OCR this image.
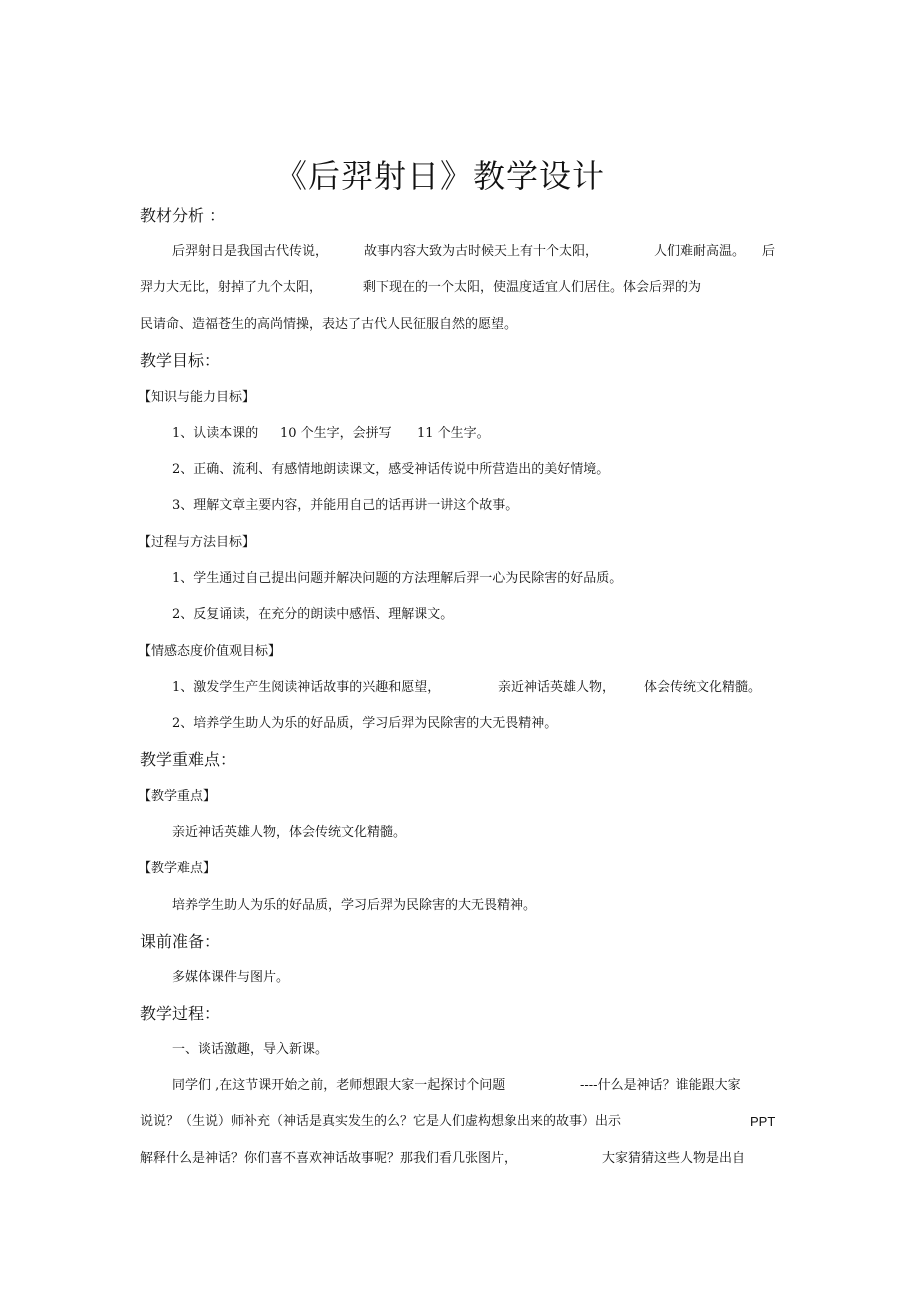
《后羿射日》教学设计
教材分析 ：
后羿射日是我国古代传说，	故事内容大致为古时候天上有十个太阳，	人们难耐高温。 后
羿力大无比，射掉了九个太阳，	剩下现在的一个太阳，使温度适宜人们居住。体会后羿的为
民请命、造福苍生的高尚情操，表达了古代人民征服自然的愿望。
教学目标：
【知识与能力目标】
1、认读本课的 10 个生字，会拼写 11 个生字。
2、正确、流利、有感情地朗读课文，感受神话传说中所营造出的美好情境。
3、理解文章主要内容，并能用自己的话再讲一讲这个故事。
【过程与方法目标】
1、学生通过自己提出问题并解决问题的方法理解后羿一心为民除害的好品质。
2、反复诵读，在充分的朗读中感悟、理解课文。
【情感态度价值观目标】
1、激发学生产生阅读神话故事的兴趣和愿望，	亲近神话英雄人物， 体会传统文化精髓。
2、培养学生助人为乐的好品质，学习后羿为民除害的大无畏精神。
教学重难点：
【教学重点】
亲近神话英雄人物，体会传统文化精髓。
【教学难点】
培养学生助人为乐的好品质，学习后羿为民除害的大无畏精神。
课前准备：
多媒体课件与图片。
教学过程：
一、谈话激趣，导入新课。
同学们 ,在这节课开始之前，老师想跟大家一起探讨个问题	----什么是神话？谁能跟大家
说说？（生说）师补充（神话是真实发生的么？它是人们虚构想象出来的故事）出示	PPT
解释什么是神话？你们喜不喜欢神话故事呢？那我们看几张图片，	大家猜猜这些人物是出自
